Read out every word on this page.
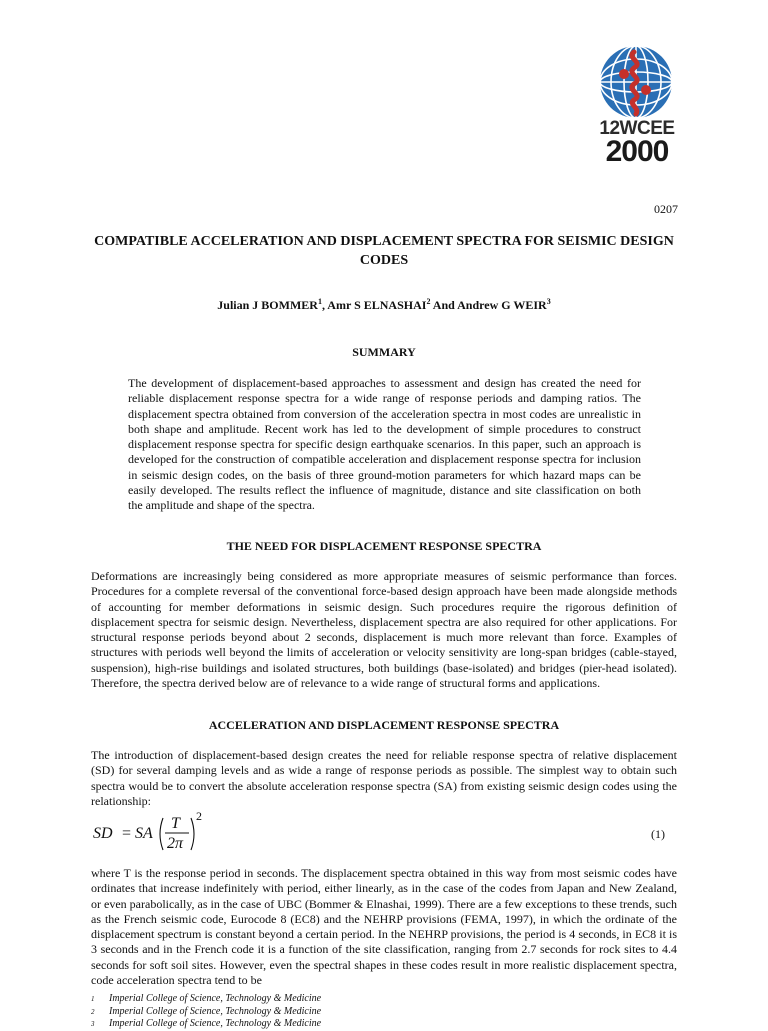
12WCEE
2000
0207
COMPATIBLE ACCELERATION AND DISPLACEMENT SPECTRA FOR SEISMIC DESIGN CODES
Julian J BOMMER$^1$, Amr S ELNASHAI$^2$ And Andrew G WEIR$^3$
SUMMARY

The development of displacement-based approaches to assessment and design has created the need for reliable displacement response spectra for a wide range of response periods and damping ratios. The displacement spectra obtained from conversion of the acceleration spectra in most codes are unrealistic in both shape and amplitude. Recent work has led to the development of simple procedures to construct displacement response spectra for specific design earthquake scenarios. In this paper, such an approach is developed for the construction of compatible acceleration and displacement response spectra for inclusion in seismic design codes, on the basis of three ground-motion parameters for which hazard maps can be easily developed. The results reflect the influence of magnitude, distance and site classification on both the amplitude and shape of the spectra.

THE NEED FOR DISPLACEMENT RESPONSE SPECTRA

Deformations are increasingly being considered as more appropriate measures of seismic performance than forces. Procedures for a complete reversal of the conventional force-based design approach have been made alongside methods of accounting for member deformations in seismic design. Such procedures require the rigorous definition of displacement spectra for seismic design. Nevertheless, displacement spectra are also required for other applications. For structural response periods beyond about 2 seconds, displacement is much more relevant than force. Examples of structures with periods well beyond the limits of acceleration or velocity sensitivity are long-span bridges (cable-stayed, suspension), high-rise buildings and isolated structures, both buildings (base-isolated) and bridges (pier-head isolated). Therefore, the spectra derived below are of relevance to a wide range of structural forms and applications.

ACCELERATION AND DISPLACEMENT RESPONSE SPECTRA

The introduction of displacement-based design creates the need for reliable response spectra of relative displacement (SD) for several damping levels and as wide a range of response periods as possible. The simplest way to obtain such spectra would be to convert the absolute acceleration response spectra (SA) from existing seismic design codes using the relationship:

SD = SA
T
2π
2
(1)

where T is the response period in seconds. The displacement spectra obtained in this way from most seismic codes have ordinates that increase indefinitely with period, either linearly, as in the case of the codes from Japan and New Zealand, or even parabolically, as in the case of UBC (Bommer & Elnashai, 1999). There are a few exceptions to these trends, such as the French seismic code, Eurocode 8 (EC8) and the NEHRP provisions (FEMA, 1997), in which the ordinate of the displacement spectrum is constant beyond a certain period. In the NEHRP provisions, the period is 4 seconds, in EC8 it is 3 seconds and in the French code it is a function of the site classification, ranging from 2.7 seconds for rock sites to 4.4 seconds for soft soil sites. However, even the spectral shapes in these codes result in more realistic displacement spectra, code acceleration spectra tend to be

1 Imperial College of Science, Technology & Medicine
2 Imperial College of Science, Technology & Medicine
3 Imperial College of Science, Technology & Medicine
